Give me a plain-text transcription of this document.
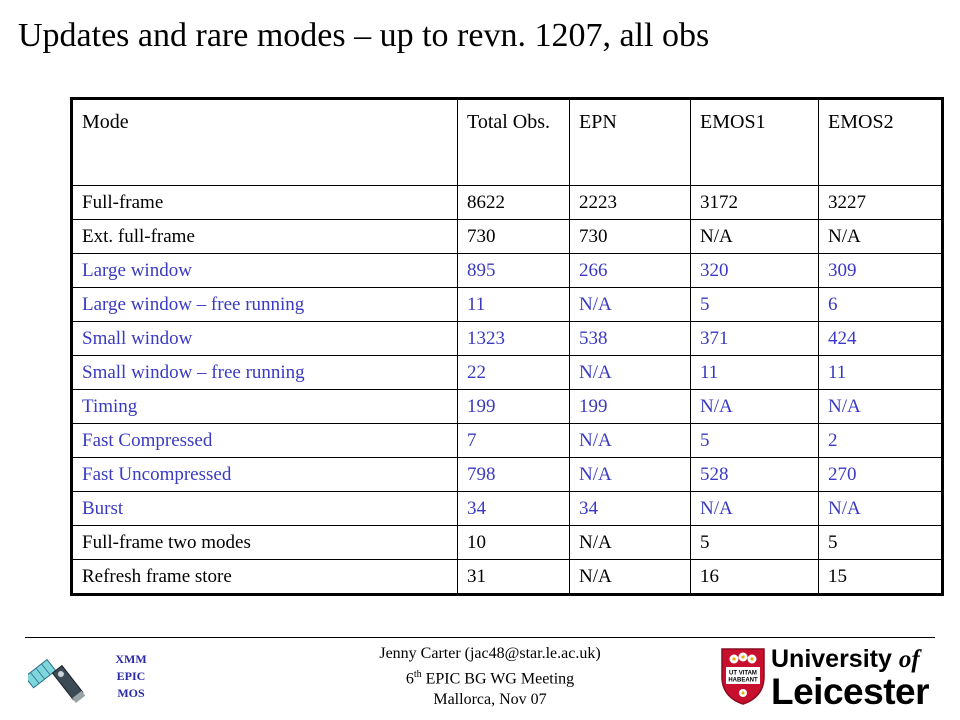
Updates and rare modes – up to revn. 1207, all obs
Mode	Total Obs.	EPN	EMOS1	EMOS2
Full-frame	8622	2223	3172	3227
Ext. full-frame	730	730	N/A	N/A
Large window	895	266	320	309
Large window – free running	11	N/A	5	6
Small window	1323	538	371	424
Small window – free running	22	N/A	11	11
Timing	199	199	N/A	N/A
Fast Compressed	7	N/A	5	2
Fast Uncompressed	798	N/A	528	270
Burst	34	34	N/A	N/A
Full-frame two modes	10	N/A	5	5
Refresh frame store	31	N/A	16	15
XMM
EPIC
MOS
Jenny Carter (jac48@star.le.ac.uk)
6th EPIC BG WG Meeting
Mallorca, Nov 07
UT VITAM
HABEANT
University of
Leicester
